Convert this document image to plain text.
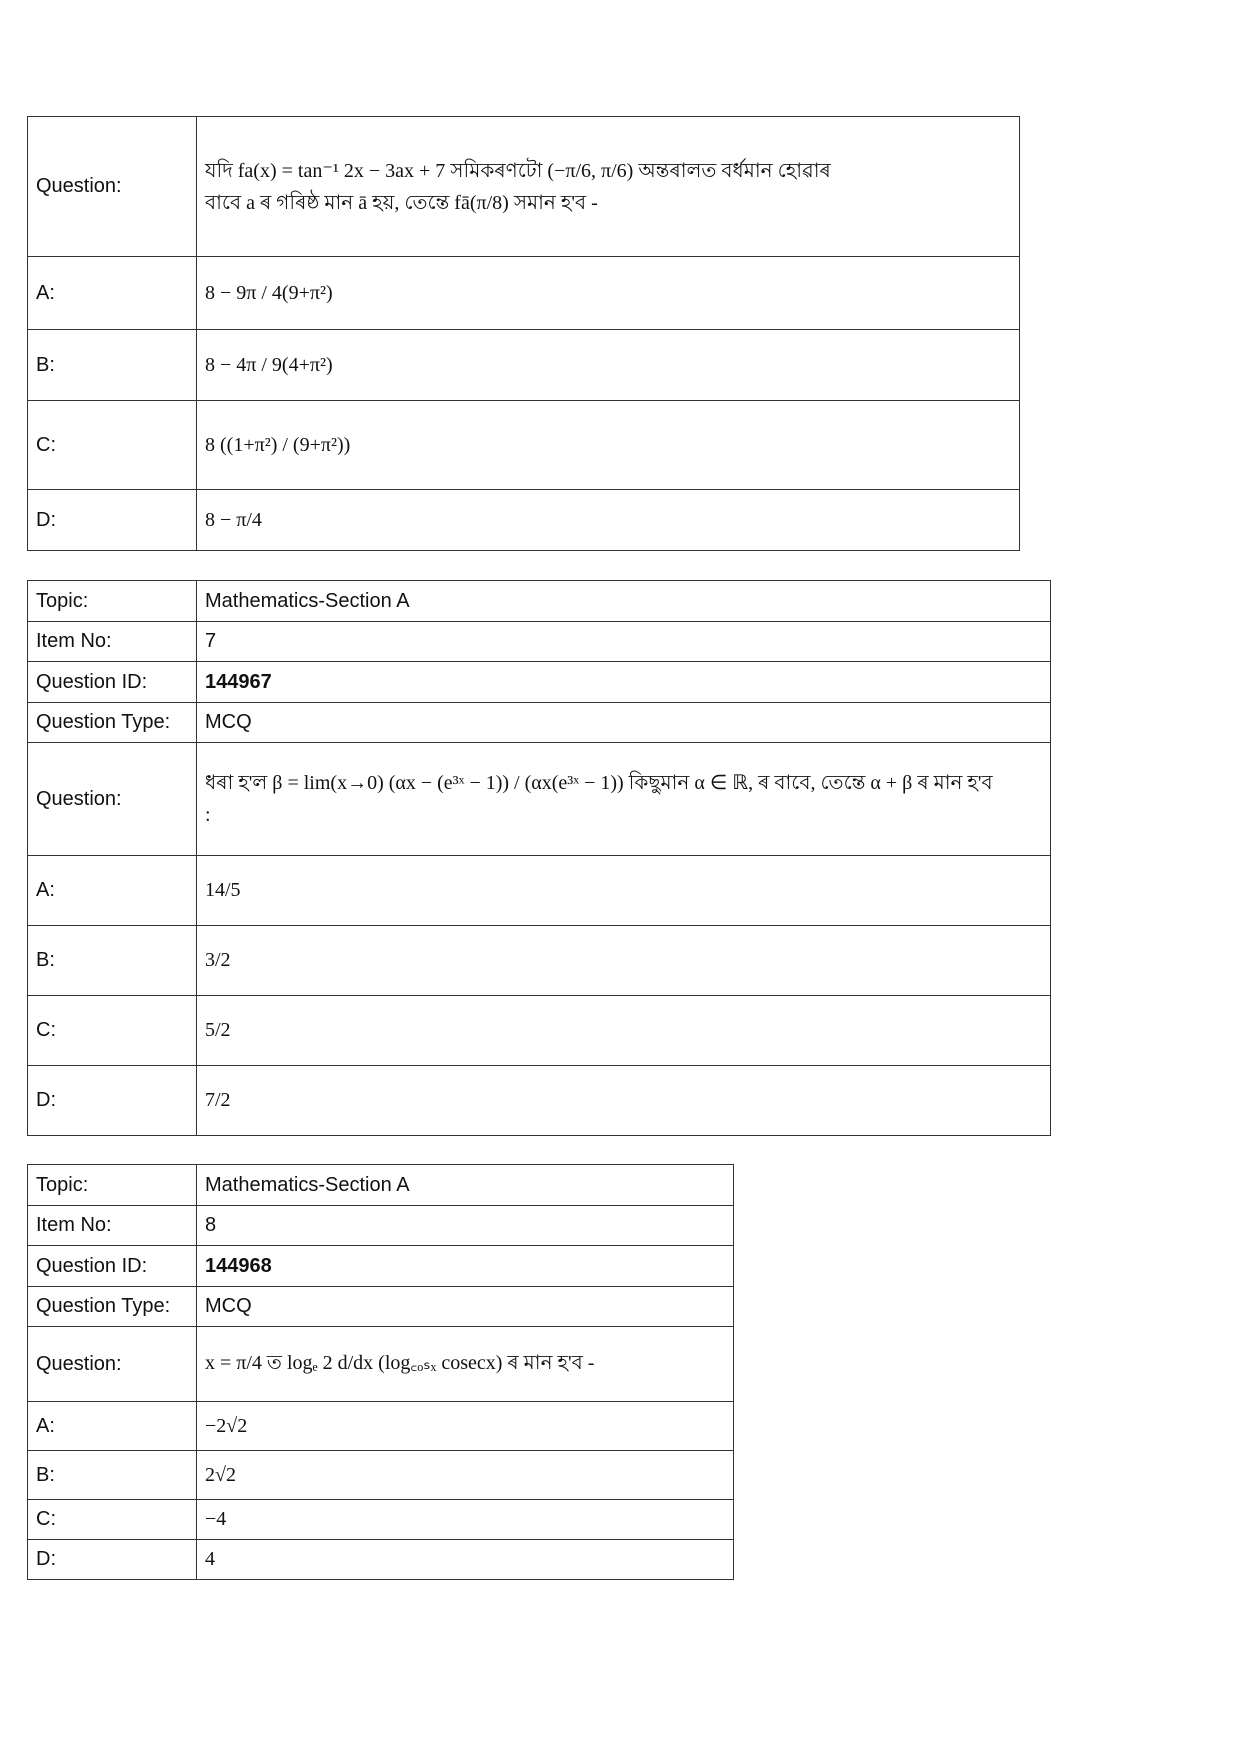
Question:	যদি fa(x) = tan⁻¹ 2x − 3ax + 7 সমিকৰণটো (−π/6, π/6) অন্তৰালত বৰ্ধমান হোৱাৰ
বাবে a ৰ গৰিষ্ঠ মান ā হয়, তেন্তে fā(π/8) সমান হ'ব -

A:	8 − 9π / 4(9+π²)
B:	8 − 4π / 9(4+π²)
C:	8 ((1+π²) / (9+π²))
D:	8 − π/4
Topic:	Mathematics-Section A
Item No:	7
Question ID:	144967
Question Type:	MCQ
Question:	ধৰা হ'ল β = lim(x→0) (αx − (e³ˣ − 1)) / (αx(e³ˣ − 1)) কিছুমান α ∈ ℝ, ৰ বাবে, তেন্তে α + β ৰ মান হ'ব
:

A:	14/5
B:	3/2
C:	5/2
D:	7/2
Topic:	Mathematics-Section A
Item No:	8
Question ID:	144968
Question Type:	MCQ
Question:	x = π/4 ত logₑ 2 d/dx (log꜀ₒₛₓ cosecx) ৰ মান হ'ব -
A:	−2√2
B:	2√2
C:	−4
D:	4
